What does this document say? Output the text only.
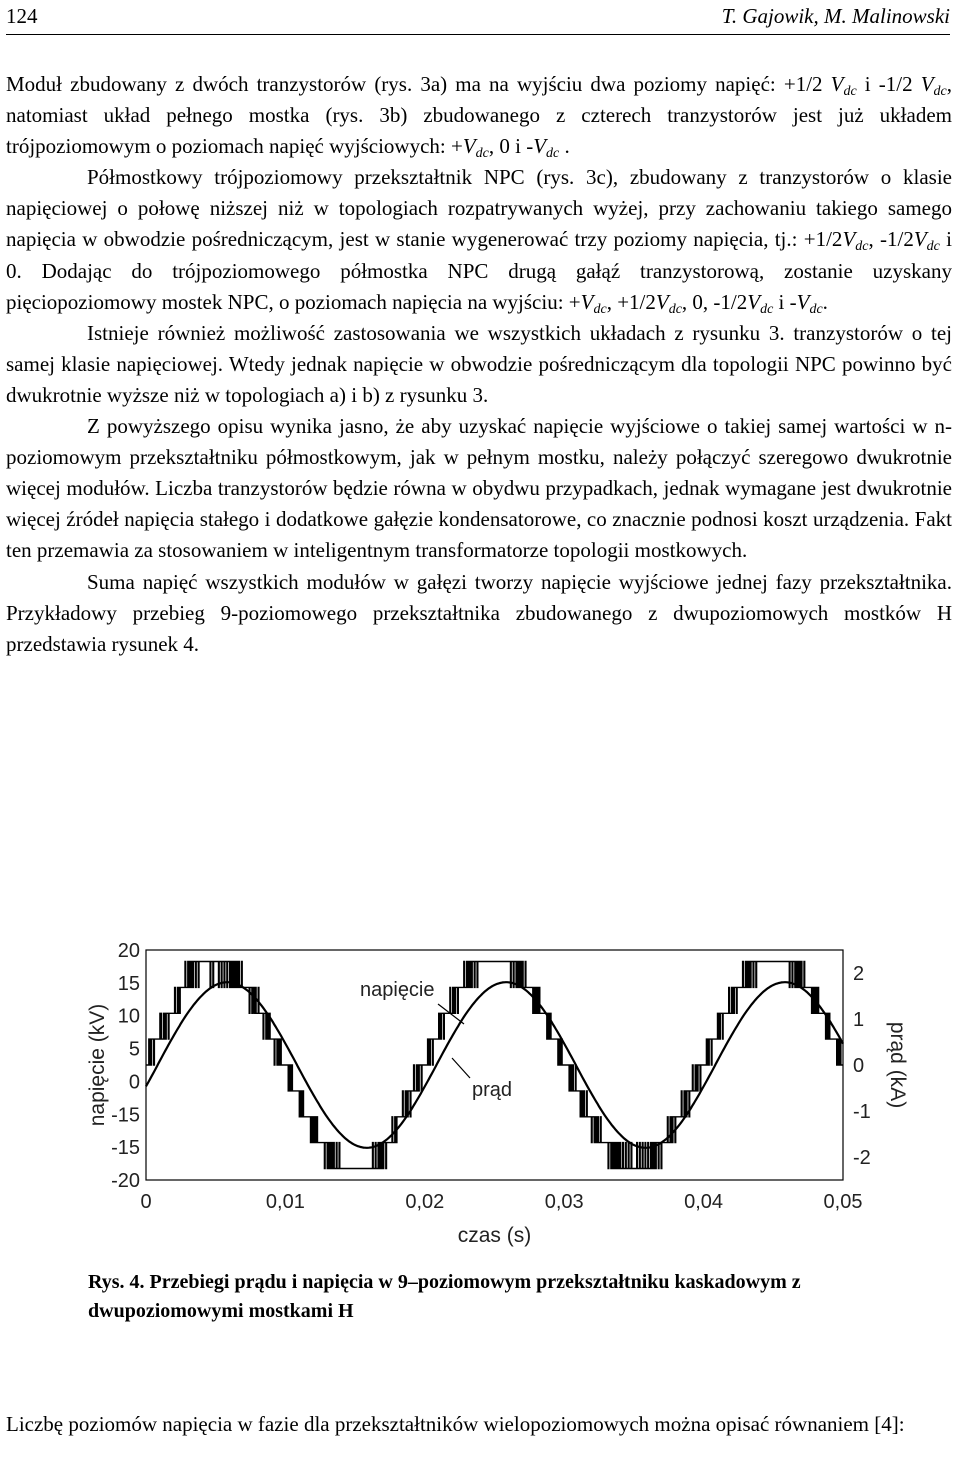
124	T. Gajowik, M. Malinowski

Moduł zbudowany z dwóch tranzystorów (rys. 3a) ma na wyjściu dwa poziomy napięć: +1/2 $V_{dc}$ i -1/2 $V_{dc}$, natomiast układ pełnego mostka (rys. 3b) zbudowanego z czterech tranzystorów jest już układem trójpoziomowym o poziomach napięć wyjściowych: $+V_{dc}$, 0 i $-V_{dc}$ .

Półmostkowy trójpoziomowy przekształtnik NPC (rys. 3c), zbudowany z tranzystorów o klasie napięciowej o połowę niższej niż w topologiach rozpatrywanych wyżej, przy zachowaniu takiego samego napięcia w obwodzie pośredniczącym, jest w stanie wygenerować trzy poziomy napięcia, tj.: $+1/2V_{dc}$, $-1/2V_{dc}$ i 0. Dodając do trójpoziomowego półmostka NPC drugą gałąź tranzystorową, zostanie uzyskany pięciopoziomowy mostek NPC, o poziomach napięcia na wyjściu: $+V_{dc}$, $+1/2V_{dc}$, 0, $-1/2V_{dc}$ i $-V_{dc}$.

Istnieje również możliwość zastosowania we wszystkich układach z rysunku 3. tranzystorów o tej samej klasie napięciowej. Wtedy jednak napięcie w obwodzie pośredniczącym dla topologii NPC powinno być dwukrotnie wyższe niż w topologiach a) i b) z rysunku 3.

Z powyższego opisu wynika jasno, że aby uzyskać napięcie wyjściowe o takiej samej wartości w n-poziomowym przekształtniku półmostkowym, jak w pełnym mostku, należy połączyć szeregowo dwukrotnie więcej modułów. Liczba tranzystorów będzie równa w obydwu przypadkach, jednak wymagane jest dwukrotnie więcej źródeł napięcia stałego i dodatkowe gałęzie kondensatorowe, co znacznie podnosi koszt urządzenia. Fakt ten przemawia za stosowaniem w inteligentnym transformatorze topologii mostkowych.

Suma napięć wszystkich modułów w gałęzi tworzy napięcie wyjściowe jednej fazy przekształtnika. Przykładowy przebieg 9-poziomowego przekształtnika zbudowanego z dwupoziomowych mostków H przedstawia rysunek 4.

20
15
10
5
0
-15
-15
-20
2
1
0
-1
-2
0	0,01	0,02	0,03	0,04	0,05
czas (s)
napięcie (kV)	prąd (kA)
napięcie
prąd
Rys. 4. Przebiegi prądu i napięcia w 9–poziomowym przekształtniku kaskadowym z dwupoziomowymi mostkami H
Liczbę poziomów napięcia w fazie dla przekształtników wielopoziomowych można opisać równaniem [4]:
